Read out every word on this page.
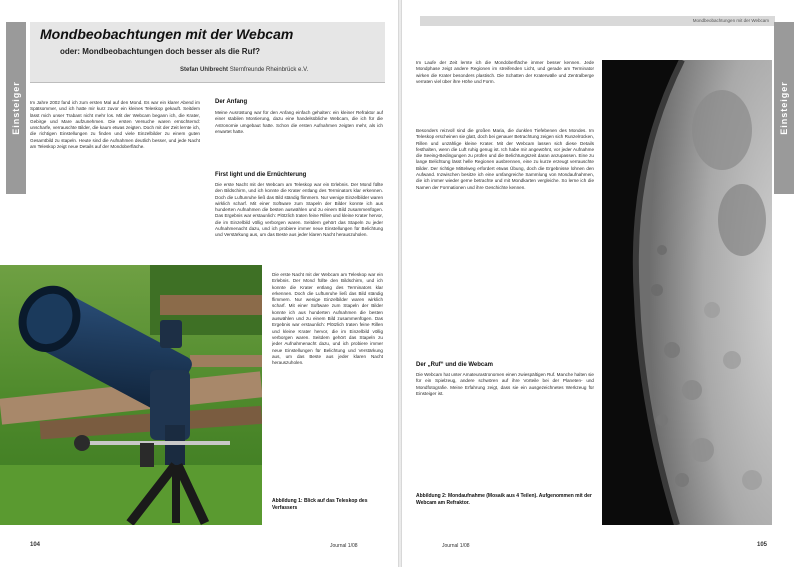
Einsteiger
Mondbeobachtungen mit der Webcam
oder: Mondbeobachtungen doch besser als die Ruf?
Stefan Uhlbrecht Sternfreunde Rheinbrück e.V.
Im Jahre 2002 fand ich zum ersten Mal auf den Mond. Es war ein klarer Abend im Spätsommer, und ich hatte mir kurz zuvor ein kleines Teleskop gekauft. Seitdem lässt mich unser Trabant nicht mehr los. Mit der Webcam begann ich, die Krater, Gebirge und Mare aufzunehmen. Die ersten Versuche waren ernüchternd: unscharfe, verrauschte Bilder, die kaum etwas zeigten. Doch mit der Zeit lernte ich, die richtigen Einstellungen zu finden und viele Einzelbilder zu einem guten Gesamtbild zu stapeln. Heute sind die Aufnahmen deutlich besser, und jede Nacht am Teleskop zeigt neue Details auf der Mondoberfläche.
Der Anfang
Meine Ausrüstung war für den Anfang einfach gehalten: ein kleiner Refraktor auf einer stabilen Montierung, dazu eine handelsübliche Webcam, die ich für die Astronomie umgebaut hatte. Schon die ersten Aufnahmen zeigten mehr, als ich erwartet hatte.
First light und die Ernüchterung
Die erste Nacht mit der Webcam am Teleskop war ein Erlebnis. Der Mond füllte den Bildschirm, und ich konnte die Krater entlang des Terminators klar erkennen. Doch die Luftunruhe ließ das Bild ständig flimmern. Nur wenige Einzelbilder waren wirklich scharf. Mit einer Software zum Stapeln der Bilder konnte ich aus hunderten Aufnahmen die besten auswählen und zu einem Bild zusammenfügen. Das Ergebnis war erstaunlich: Plötzlich traten feine Rillen und kleine Krater hervor, die im Einzelbild völlig verborgen waren. Seitdem gehört das Stapeln zu jeder Aufnahmenacht dazu, und ich probiere immer neue Einstellungen für Belichtung und Verstärkung aus, um das Beste aus jeder klaren Nacht herauszuholen.
Die erste Nacht mit der Webcam am Teleskop war ein Erlebnis. Der Mond füllte den Bildschirm, und ich konnte die Krater entlang des Terminators klar erkennen. Doch die Luftunruhe ließ das Bild ständig flimmern. Nur wenige Einzelbilder waren wirklich scharf. Mit einer Software zum Stapeln der Bilder konnte ich aus hunderten Aufnahmen die besten auswählen und zu einem Bild zusammenfügen. Das Ergebnis war erstaunlich: Plötzlich traten feine Rillen und kleine Krater hervor, die im Einzelbild völlig verborgen waren. Seitdem gehört das Stapeln zu jeder Aufnahmenacht dazu, und ich probiere immer neue Einstellungen für Belichtung und Verstärkung aus, um das Beste aus jeder klaren Nacht herauszuholen.
Abbildung 1: Blick auf das Teleskop des Verfassers
104	Journal 1/08
Mondbeobachtungen mit der Webcam
Einsteiger
Im Laufe der Zeit lernte ich die Mondoberfläche immer besser kennen. Jede Mondphase zeigt andere Regionen im streifenden Licht, und gerade am Terminator wirken die Krater besonders plastisch. Die Schatten der Kraterwälle und Zentralberge verraten viel über ihre Höhe und Form.
Besonders reizvoll sind die großen Maria, die dunklen Tiefebenen des Mondes. Im Teleskop erscheinen sie glatt, doch bei genauer Betrachtung zeigen sich Runzelrücken, Rillen und unzählige kleine Krater. Mit der Webcam lassen sich diese Details festhalten, wenn die Luft ruhig genug ist. Ich habe mir angewöhnt, vor jeder Aufnahme die Seeing-Bedingungen zu prüfen und die Belichtungszeit daran anzupassen. Eine zu lange Belichtung lässt helle Regionen ausbrennen, eine zu kurze erzeugt verrauschte Bilder. Der richtige Mittelweg erfordert etwas Übung, doch die Ergebnisse lohnen den Aufwand. Inzwischen besitze ich eine umfangreiche Sammlung von Mondaufnahmen, die ich immer wieder gerne betrachte und mit Mondkarten vergleiche. So lerne ich die Namen der Formationen und ihre Geschichte kennen.
Der „Ruf“ und die Webcam
Die Webcam hat unter Amateurastronomen einen zwiespältigen Ruf. Manche halten sie für ein Spielzeug, andere schwören auf ihre Vorteile bei der Planeten- und Mondfotografie. Meine Erfahrung zeigt, dass sie ein ausgezeichnetes Werkzeug für Einsteiger ist.
Abbildung 2: Mondaufnahme (Mosaik aus 4 Teilen). Aufgenommen mit der Webcam am Refraktor.
105
Journal 1/08
